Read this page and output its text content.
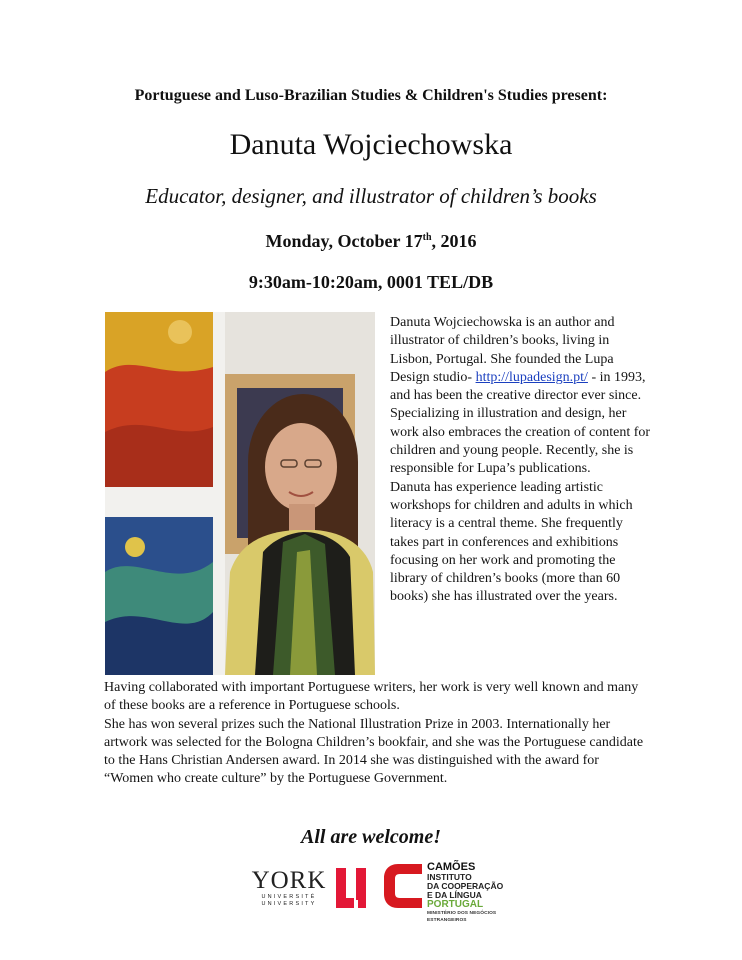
Portuguese and Luso-Brazilian Studies & Children's Studies present:
Danuta Wojciechowska
Educator, designer, and illustrator of children’s books
Monday, October 17th, 2016
9:30am-10:20am, 0001 TEL/DB

Danuta Wojciechowska is an author and illustrator of children’s books, living in Lisbon, Portugal. She founded the Lupa Design studio- http://lupadesign.pt/ - in 1993, and has been the creative director ever since. Specializing in illustration and design, her work also embraces the creation of content for children and young people. Recently, she is responsible for Lupa’s publications.
Danuta has experience leading artistic workshops for children and adults in which literacy is a central theme. She frequently takes part in conferences and exhibitions focusing on her work and promoting the library of children’s books (more than 60 books) she has illustrated over the years.

Having collaborated with important Portuguese writers, her work is very well known and many of these books are a reference in Portuguese schools.
She has won several prizes such the National Illustration Prize in 2003. Internationally her artwork was selected for the Bologna Children’s bookfair, and she was the Portuguese candidate to the Hans Christian Andersen award. In 2014 she was distinguished with the award for “Women who create culture” by the Portuguese Government.

All are welcome!
YORK
UNIVERSITÉ
UNIVERSITY
CAMÕES
INSTITUTO
DA COOPERAÇÃO
E DA LÍNGUA
PORTUGAL
MINISTÉRIO DOS NEGÓCIOS ESTRANGEIROS
